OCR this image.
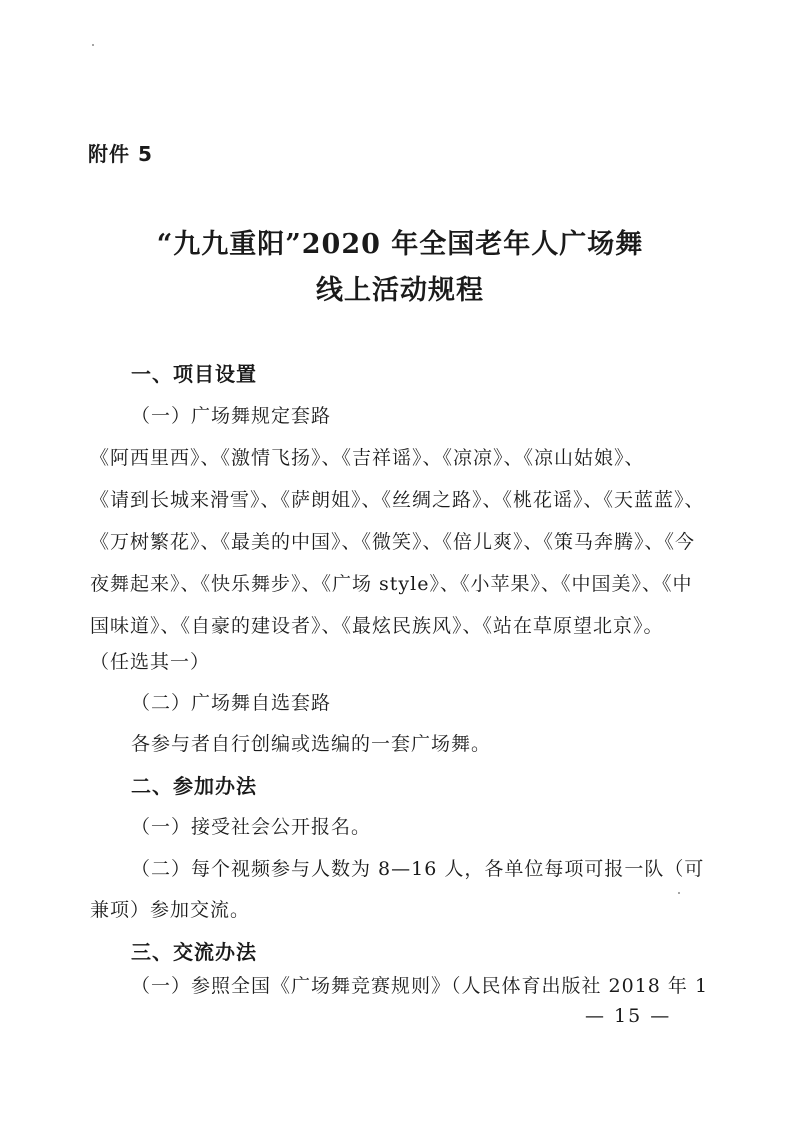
附件 5
“九九重阳”2020 年全国老年人广场舞
线上活动规程
一、项目设置
（一）广场舞规定套路
《阿西里西》、《激情飞扬》、《吉祥谣》、《凉凉》、《凉山姑娘》、
《请到长城来滑雪》、《萨朗姐》、《丝绸之路》、《桃花谣》、《天蓝蓝》、
《万树繁花》、《最美的中国》、《微笑》、《倍儿爽》、《策马奔腾》、《今
夜舞起来》、《快乐舞步》、《广场 style》、《小苹果》、《中国美》、《中
国味道》、《自豪的建设者》、《最炫民族风》、《站在草原望北京》。
（任选其一）
（二）广场舞自选套路
各参与者自行创编或选编的一套广场舞。
二、参加办法
（一）接受社会公开报名。
（二）每个视频参与人数为 8—16 人，各单位每项可报一队（可
兼项）参加交流。
三、交流办法
（一）参照全国《广场舞竞赛规则》（人民体育出版社 2018 年 1
— 15 —
